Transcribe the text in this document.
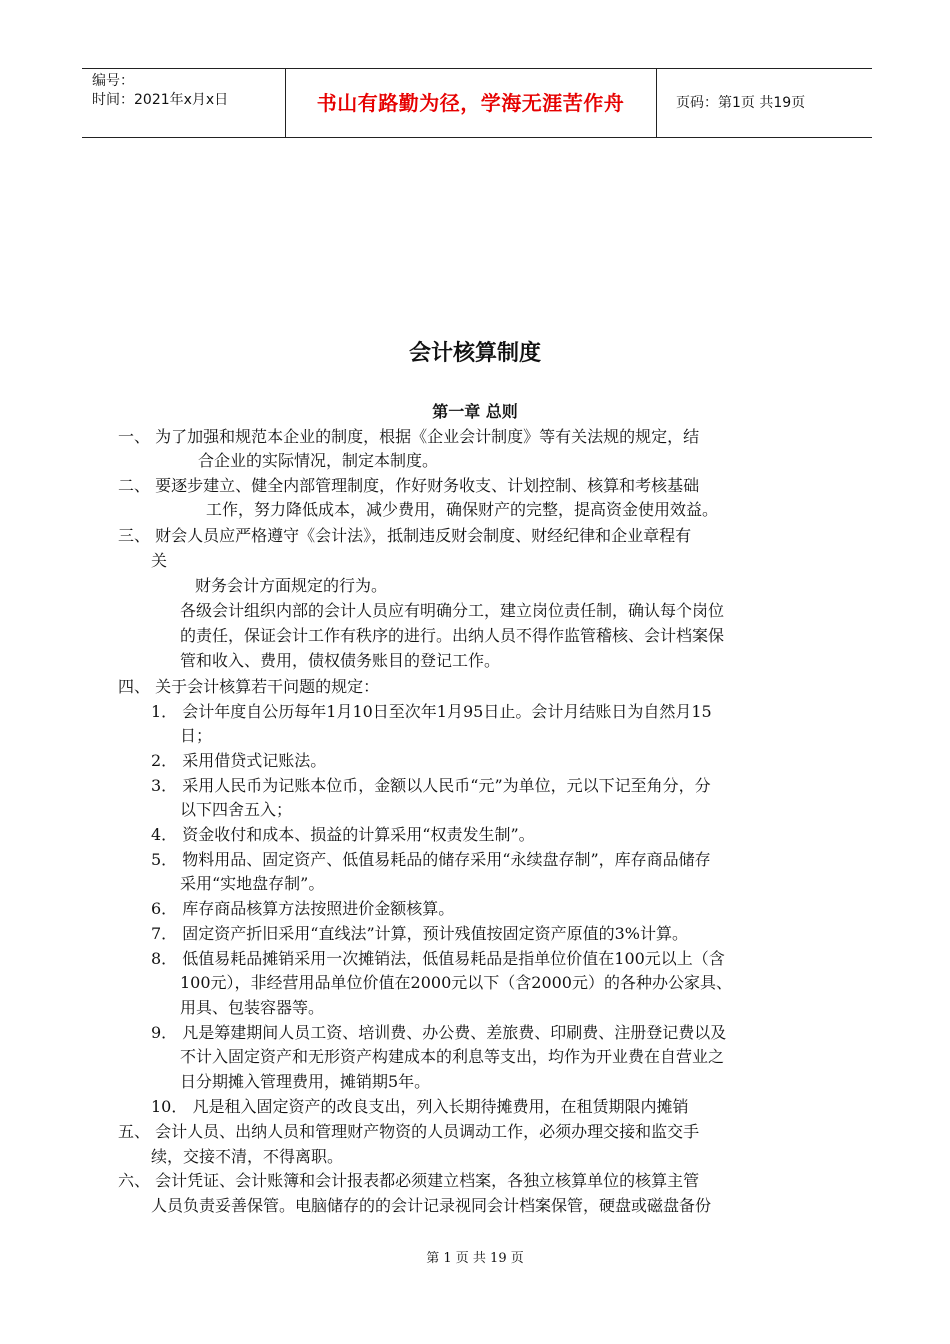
编号：
时间：2021年x月x日	书山有路勤为径，学海无涯苦作舟	页码：第1页 共19页
会计核算制度
第一章 总则
一、 为了加强和规范本企业的制度，根据《企业会计制度》等有关法规的规定，结
合企业的实际情况，制定本制度。
二、 要逐步建立、健全内部管理制度，作好财务收支、计划控制、核算和考核基础
工作，努力降低成本，减少费用，确保财产的完整，提高资金使用效益。
三、 财会人员应严格遵守《会计法》，抵制违反财会制度、财经纪律和企业章程有
关
财务会计方面规定的行为。
各级会计组织内部的会计人员应有明确分工，建立岗位责任制，确认每个岗位
的责任，保证会计工作有秩序的进行。出纳人员不得作监管稽核、会计档案保
管和收入、费用，债权债务账目的登记工作。
四、 关于会计核算若干问题的规定：
1． 会计年度自公历每年1月10日至次年1月95日止。会计月结账日为自然月15
日；
2． 采用借贷式记账法。
3． 采用人民币为记账本位币，金额以人民币“元”为单位，元以下记至角分，分
以下四舍五入；
4． 资金收付和成本、损益的计算采用“权责发生制”。
5． 物料用品、固定资产、低值易耗品的储存采用“永续盘存制”，库存商品储存
采用“实地盘存制”。
6． 库存商品核算方法按照进价金额核算。
7． 固定资产折旧采用“直线法”计算，预计残值按固定资产原值的3%计算。
8． 低值易耗品摊销采用一次摊销法，低值易耗品是指单位价值在100元以上（含
100元），非经营用品单位价值在2000元以下（含2000元）的各种办公家具、
用具、包装容器等。
9． 凡是筹建期间人员工资、培训费、办公费、差旅费、印刷费、注册登记费以及
不计入固定资产和无形资产构建成本的利息等支出，均作为开业费在自营业之
日分期摊入管理费用，摊销期5年。
10． 凡是租入固定资产的改良支出，列入长期待摊费用，在租赁期限内摊销
五、 会计人员、出纳人员和管理财产物资的人员调动工作，必须办理交接和监交手
续，交接不清，不得离职。
六、 会计凭证、会计账簿和会计报表都必须建立档案，各独立核算单位的核算主管
人员负责妥善保管。电脑储存的的会计记录视同会计档案保管，硬盘或磁盘备份
第 1 页 共 19 页
